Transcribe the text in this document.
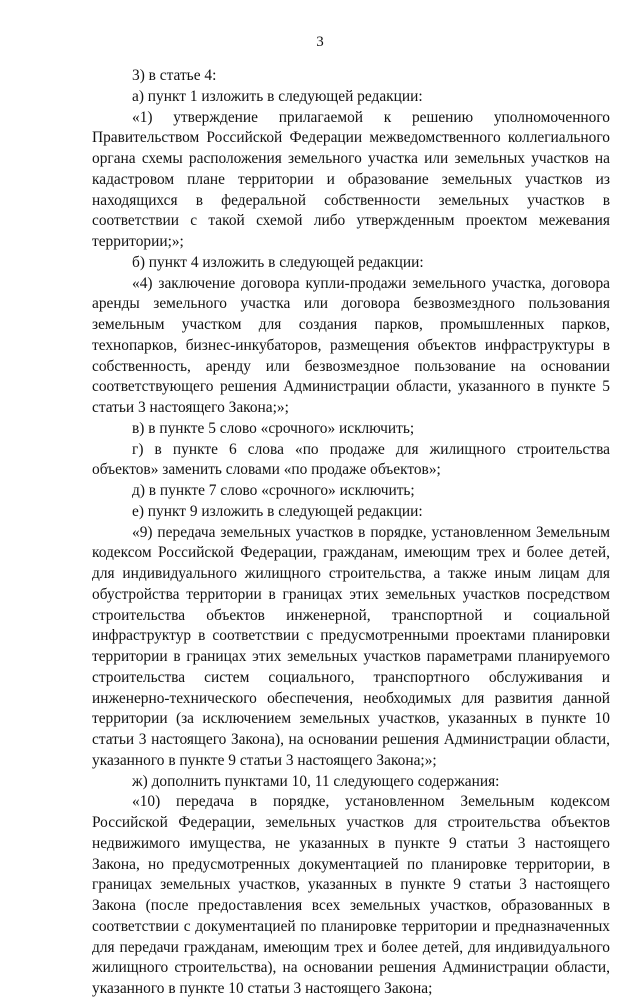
3

3) в статье 4:

а) пункт 1 изложить в следующей редакции:

«1) утверждение прилагаемой к решению уполномоченного Правительством Российской Федерации межведомственного коллегиального органа схемы расположения земельного участка или земельных участков на кадастровом плане территории и образование земельных участков из находящихся в федеральной собственности земельных участков в соответствии с такой схемой либо утвержденным проектом межевания территории;»;

б) пункт 4 изложить в следующей редакции:

«4) заключение договора купли-продажи земельного участка, договора аренды земельного участка или договора безвозмездного пользования земельным участком для создания парков, промышленных парков, технопарков, бизнес-инкубаторов, размещения объектов инфраструктуры в собственность, аренду или безвозмездное пользование на основании соответствующего решения Администрации области, указанного в пункте 5 статьи 3 настоящего Закона;»;

в) в пункте 5 слово «срочного» исключить;

г) в пункте 6 слова «по продаже для жилищного строительства объектов» заменить словами «по продаже объектов»;

д) в пункте 7 слово «срочного» исключить;

е) пункт 9 изложить в следующей редакции:

«9) передача земельных участков в порядке, установленном Земельным кодексом Российской Федерации, гражданам, имеющим трех и более детей, для индивидуального жилищного строительства, а также иным лицам для обустройства территории в границах этих земельных участков посредством строительства объектов инженерной, транспортной и социальной инфраструктур в соответствии с предусмотренными проектами планировки территории в границах этих земельных участков параметрами планируемого строительства систем социального, транспортного обслуживания и инженерно-технического обеспечения, необходимых для развития данной территории (за исключением земельных участков, указанных в пункте 10 статьи 3 настоящего Закона), на основании решения Администрации области, указанного в пункте 9 статьи 3 настоящего Закона;»;

ж) дополнить пунктами 10, 11 следующего содержания:

«10) передача в порядке, установленном Земельным кодексом Российской Федерации, земельных участков для строительства объектов недвижимого имущества, не указанных в пункте 9 статьи 3 настоящего Закона, но предусмотренных документацией по планировке территории, в границах земельных участков, указанных в пункте 9 статьи 3 настоящего Закона (после предоставления всех земельных участков, образованных в соответствии с документацией по планировке территории и предназначенных для передачи гражданам, имеющим трех и более детей, для индивидуального жилищного строительства), на основании решения Администрации области, указанного в пункте 10 статьи 3 настоящего Закона;
